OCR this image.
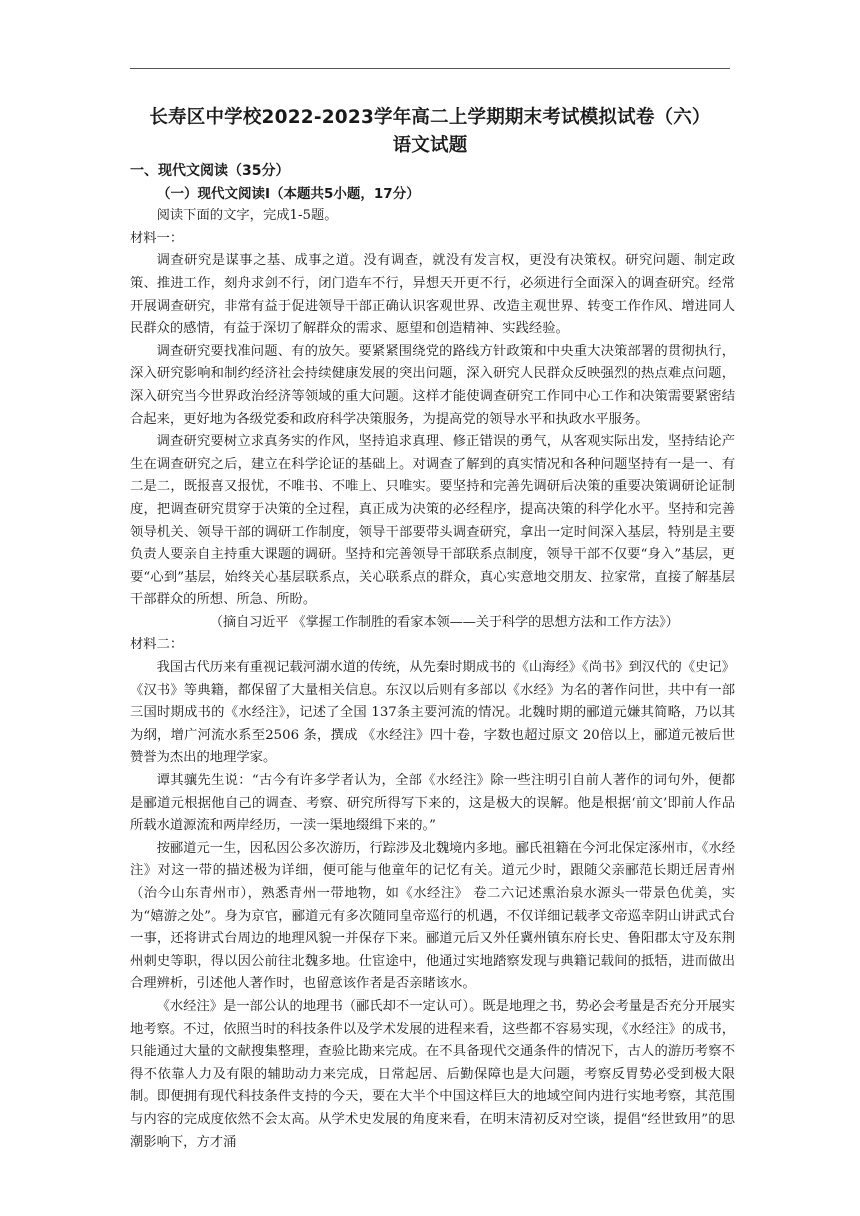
长寿区中学校2022-2023学年高二上学期期末考试模拟试卷（六）
语文试题

一、现代文阅读（35分）

（一）现代文阅读Ⅰ（本题共5小题，17分）

阅读下面的文字，完成1-5题。

材料一：

调查研究是谋事之基、成事之道。没有调查，就没有发言权，更没有决策权。研究问题、制定政策、推进工作，刻舟求剑不行，闭门造车不行，异想天开更不行，必须进行全面深入的调查研究。经常开展调查研究，非常有益于促进领导干部正确认识客观世界、改造主观世界、转变工作作风、增进同人民群众的感情，有益于深切了解群众的需求、愿望和创造精神、实践经验。

调查研究要找准问题、有的放矢。要紧紧围绕党的路线方针政策和中央重大决策部署的贯彻执行，深入研究影响和制约经济社会持续健康发展的突出问题，深入研究人民群众反映强烈的热点难点问题，深入研究当今世界政治经济等领域的重大问题。这样才能使调查研究工作同中心工作和决策需要紧密结合起来，更好地为各级党委和政府科学决策服务，为提高党的领导水平和执政水平服务。

调查研究要树立求真务实的作风，坚持追求真理、修正错误的勇气，从客观实际出发，坚持结论产生在调查研究之后，建立在科学论证的基础上。对调查了解到的真实情况和各种问题坚持有一是一、有二是二，既报喜又报忧，不唯书、不唯上、只唯实。要坚持和完善先调研后决策的重要决策调研论证制度，把调查研究贯穿于决策的全过程，真正成为决策的必经程序，提高决策的科学化水平。坚持和完善领导机关、领导干部的调研工作制度，领导干部要带头调查研究，拿出一定时间深入基层，特别是主要负责人要亲自主持重大课题的调研。坚持和完善领导干部联系点制度，领导干部不仅要“身入”基层，更要“心到”基层，始终关心基层联系点，关心联系点的群众，真心实意地交朋友、拉家常，直接了解基层干部群众的所想、所急、所盼。

（摘自习近平 《掌握工作制胜的看家本领——关于科学的思想方法和工作方法》）

材料二：

我国古代历来有重视记载河湖水道的传统，从先秦时期成书的《山海经》《尚书》到汉代的《史记》《汉书》等典籍，都保留了大量相关信息。东汉以后则有多部以《水经》为名的著作问世，共中有一部三国时期成书的《水经注》，记述了全国 137条主要河流的情况。北魏时期的郦道元嫌其简略，乃以其为纲，增广河流水系至2506 条，撰成 《水经注》四十卷，字数也超过原文 20倍以上，郦道元被后世赞誉为杰出的地理学家。

谭其骧先生说：“古今有许多学者认为，全部《水经注》除一些注明引自前人著作的词句外，便都是郦道元根据他自己的调查、考察、研究所得写下来的，这是极大的误解。他是根据‘前文’即前人作品所载水道源流和两岸经历，一渎一渠地缀缉下来的。”

按郦道元一生，因私因公多次游历，行踪涉及北魏境内多地。郦氏祖籍在今河北保定涿州市，《水经注》对这一带的描述极为详细，便可能与他童年的记忆有关。道元少时，跟随父亲郦范长期迁居青州（治今山东青州市），熟悉青州一带地物，如《水经注》 卷二六记述熏治泉水源头一带景色优美，实为“嬉游之处”。身为京官，郦道元有多次随同皇帝巡行的机遇，不仅详细记载孝文帝巡幸阴山讲武式台一事，还将讲式台周边的地理风貌一并保存下来。郦道元后又外任冀州镇东府长史、鲁阳郡太守及东荆州刺史等职，得以因公前往北魏多地。仕宦途中，他通过实地踏察发现与典籍记载间的抵牾，进而做出合理辨析，引述他人著作时，也留意该作者是否亲睹该水。

《水经注》是一部公认的地理书（郦氏却不一定认可）。既是地理之书，势必会考量是否充分开展实地考察。不过，依照当时的科技条件以及学术发展的进程来看，这些都不容易实现，《水经注》的成书，只能通过大量的文献搜集整理，查验比勘来完成。在不具备现代交通条件的情况下，古人的游历考察不得不依靠人力及有限的辅助动力来完成，日常起居、后勤保障也是大问题，考察反胃势必受到极大限制。即便拥有现代科技条件支持的今天，要在大半个中国这样巨大的地域空间内进行实地考察，其范围与内容的完成度依然不会太高。从学术史发展的角度来看，在明末清初反对空谈，提倡“经世致用”的思潮影响下，方才涌
